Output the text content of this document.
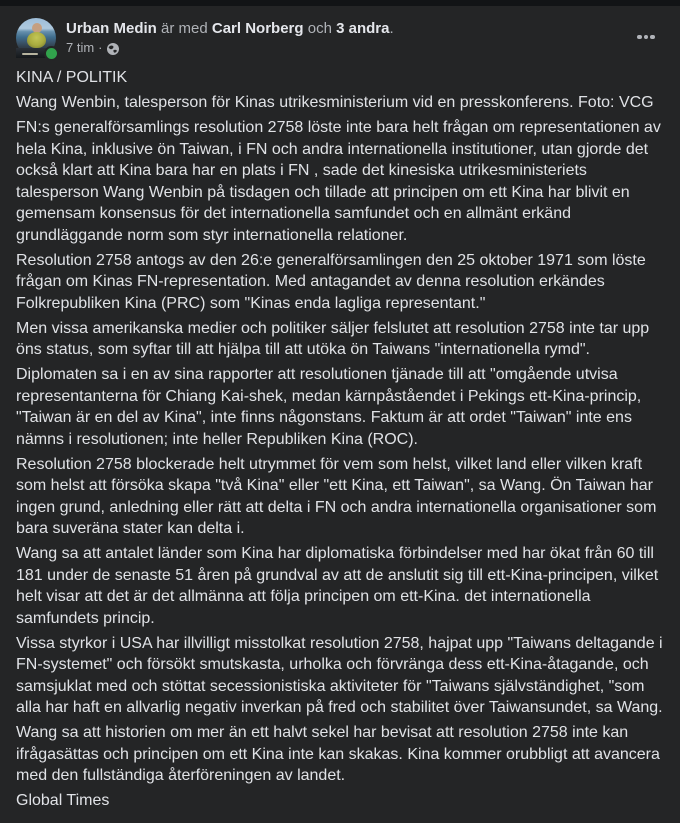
Urban Medin är med Carl Norberg och 3 andra.
7 tim ·

KINA / POLITIK

Wang Wenbin, talesperson för Kinas utrikesministerium vid en presskonferens. Foto: VCG

FN:s generalförsamlings resolution 2758 löste inte bara helt frågan om representationen av hela Kina, inklusive ön Taiwan, i FN och andra internationella institutioner, utan gjorde det också klart att Kina bara har en plats i FN , sade det kinesiska utrikesministeriets talesperson Wang Wenbin på tisdagen och tillade att principen om ett Kina har blivit en gemensam konsensus för det internationella samfundet och en allmänt erkänd grundläggande norm som styr internationella relationer.

Resolution 2758 antogs av den 26:e generalförsamlingen den 25 oktober 1971 som löste frågan om Kinas FN-representation. Med antagandet av denna resolution erkändes Folkrepubliken Kina (PRC) som "Kinas enda lagliga representant."

Men vissa amerikanska medier och politiker säljer felslutet att resolution 2758 inte tar upp öns status, som syftar till att hjälpa till att utöka ön Taiwans "internationella rymd".

Diplomaten sa i en av sina rapporter att resolutionen tjänade till att "omgående utvisa representanterna för Chiang Kai-shek, medan kärnpåståendet i Pekings ett-Kina-princip, "Taiwan är en del av Kina", inte finns någonstans. Faktum är att ordet "Taiwan" inte ens nämns i resolutionen; inte heller Republiken Kina (ROC).

Resolution 2758 blockerade helt utrymmet för vem som helst, vilket land eller vilken kraft som helst att försöka skapa "två Kina" eller "ett Kina, ett Taiwan", sa Wang. Ön Taiwan har ingen grund, anledning eller rätt att delta i FN och andra internationella organisationer som bara suveräna stater kan delta i.

Wang sa att antalet länder som Kina har diplomatiska förbindelser med har ökat från 60 till 181 under de senaste 51 åren på grundval av att de anslutit sig till ett-Kina-principen, vilket helt visar att det är det allmänna att följa principen om ett-Kina. det internationella samfundets princip.

Vissa styrkor i USA har illvilligt misstolkat resolution 2758, hajpat upp "Taiwans deltagande i FN-systemet" och försökt smutskasta, urholka och förvränga dess ett-Kina-åtagande, och samsjuklat med och stöttat secessionistiska aktiviteter för "Taiwans självständighet, "som alla har haft en allvarlig negativ inverkan på fred och stabilitet över Taiwansundet, sa Wang.

Wang sa att historien om mer än ett halvt sekel har bevisat att resolution 2758 inte kan ifrågasättas och principen om ett Kina inte kan skakas. Kina kommer orubbligt att avancera med den fullständiga återföreningen av landet.

Global Times
